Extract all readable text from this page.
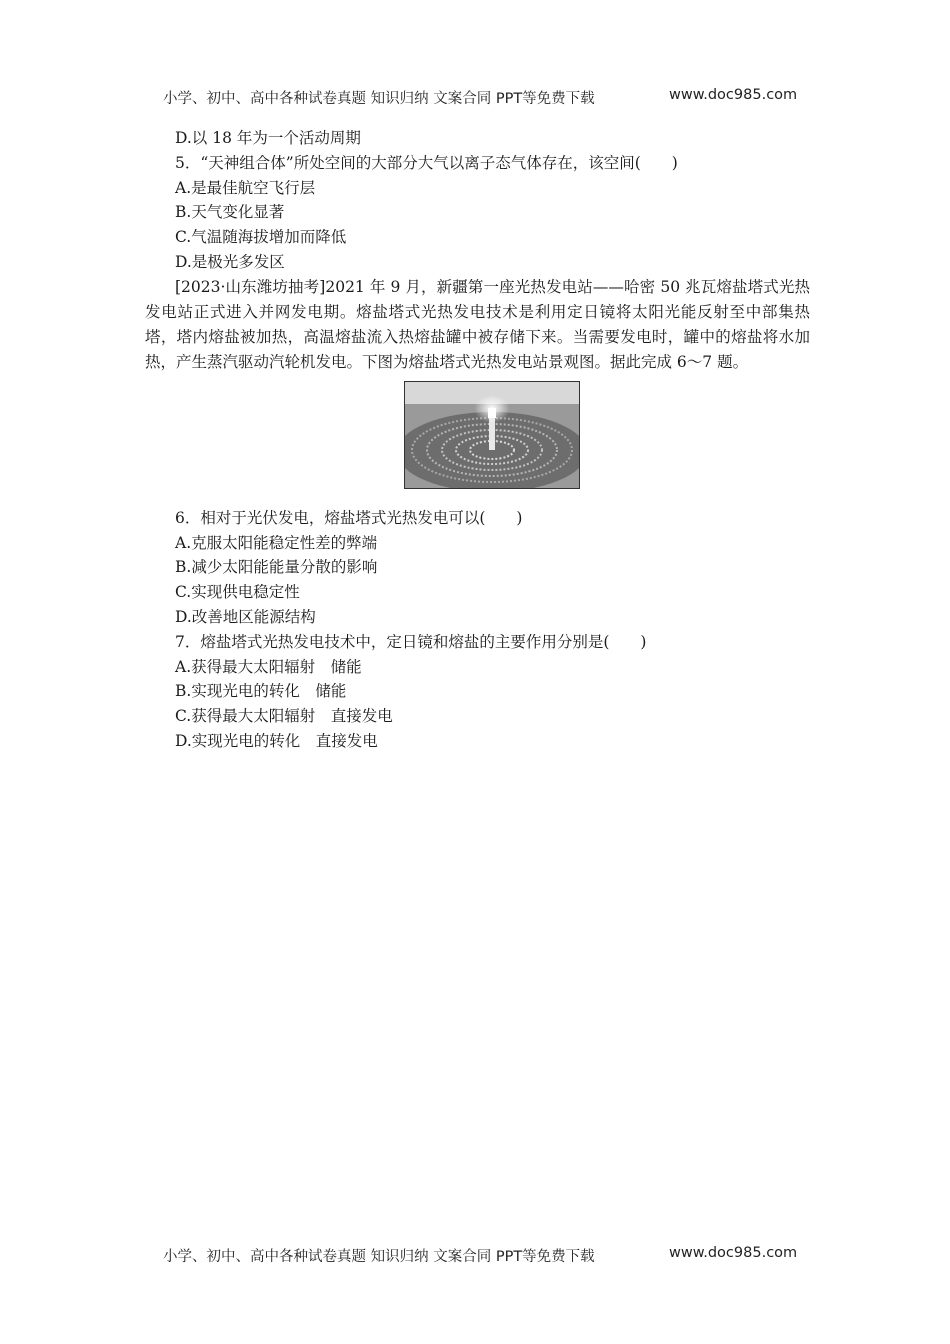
小学、初中、高中各种试卷真题 知识归纳 文案合同 PPT等免费下载	www.doc985.com
D.以 18 年为一个活动周期
5．“天神组合体”所处空间的大部分大气以离子态气体存在，该空间(　　)
A.是最佳航空飞行层
B.天气变化显著
C.气温随海拔增加而降低
D.是极光多发区
[2023·山东潍坊抽考]2021 年 9 月，新疆第一座光热发电站——哈密 50 兆瓦熔盐塔式光热发电站正式进入并网发电期。熔盐塔式光热发电技术是利用定日镜将太阳光能反射至中部集热塔，塔内熔盐被加热，高温熔盐流入热熔盐罐中被存储下来。当需要发电时，罐中的熔盐将水加热，产生蒸汽驱动汽轮机发电。下图为熔盐塔式光热发电站景观图。据此完成 6～7 题。
6．相对于光伏发电，熔盐塔式光热发电可以(　　)
A.克服太阳能稳定性差的弊端
B.减少太阳能能量分散的影响
C.实现供电稳定性
D.改善地区能源结构
7．熔盐塔式光热发电技术中，定日镜和熔盐的主要作用分别是(　　)
A.获得最大太阳辐射　储能
B.实现光电的转化　储能
C.获得最大太阳辐射　直接发电
D.实现光电的转化　直接发电
小学、初中、高中各种试卷真题 知识归纳 文案合同 PPT等免费下载	www.doc985.com
